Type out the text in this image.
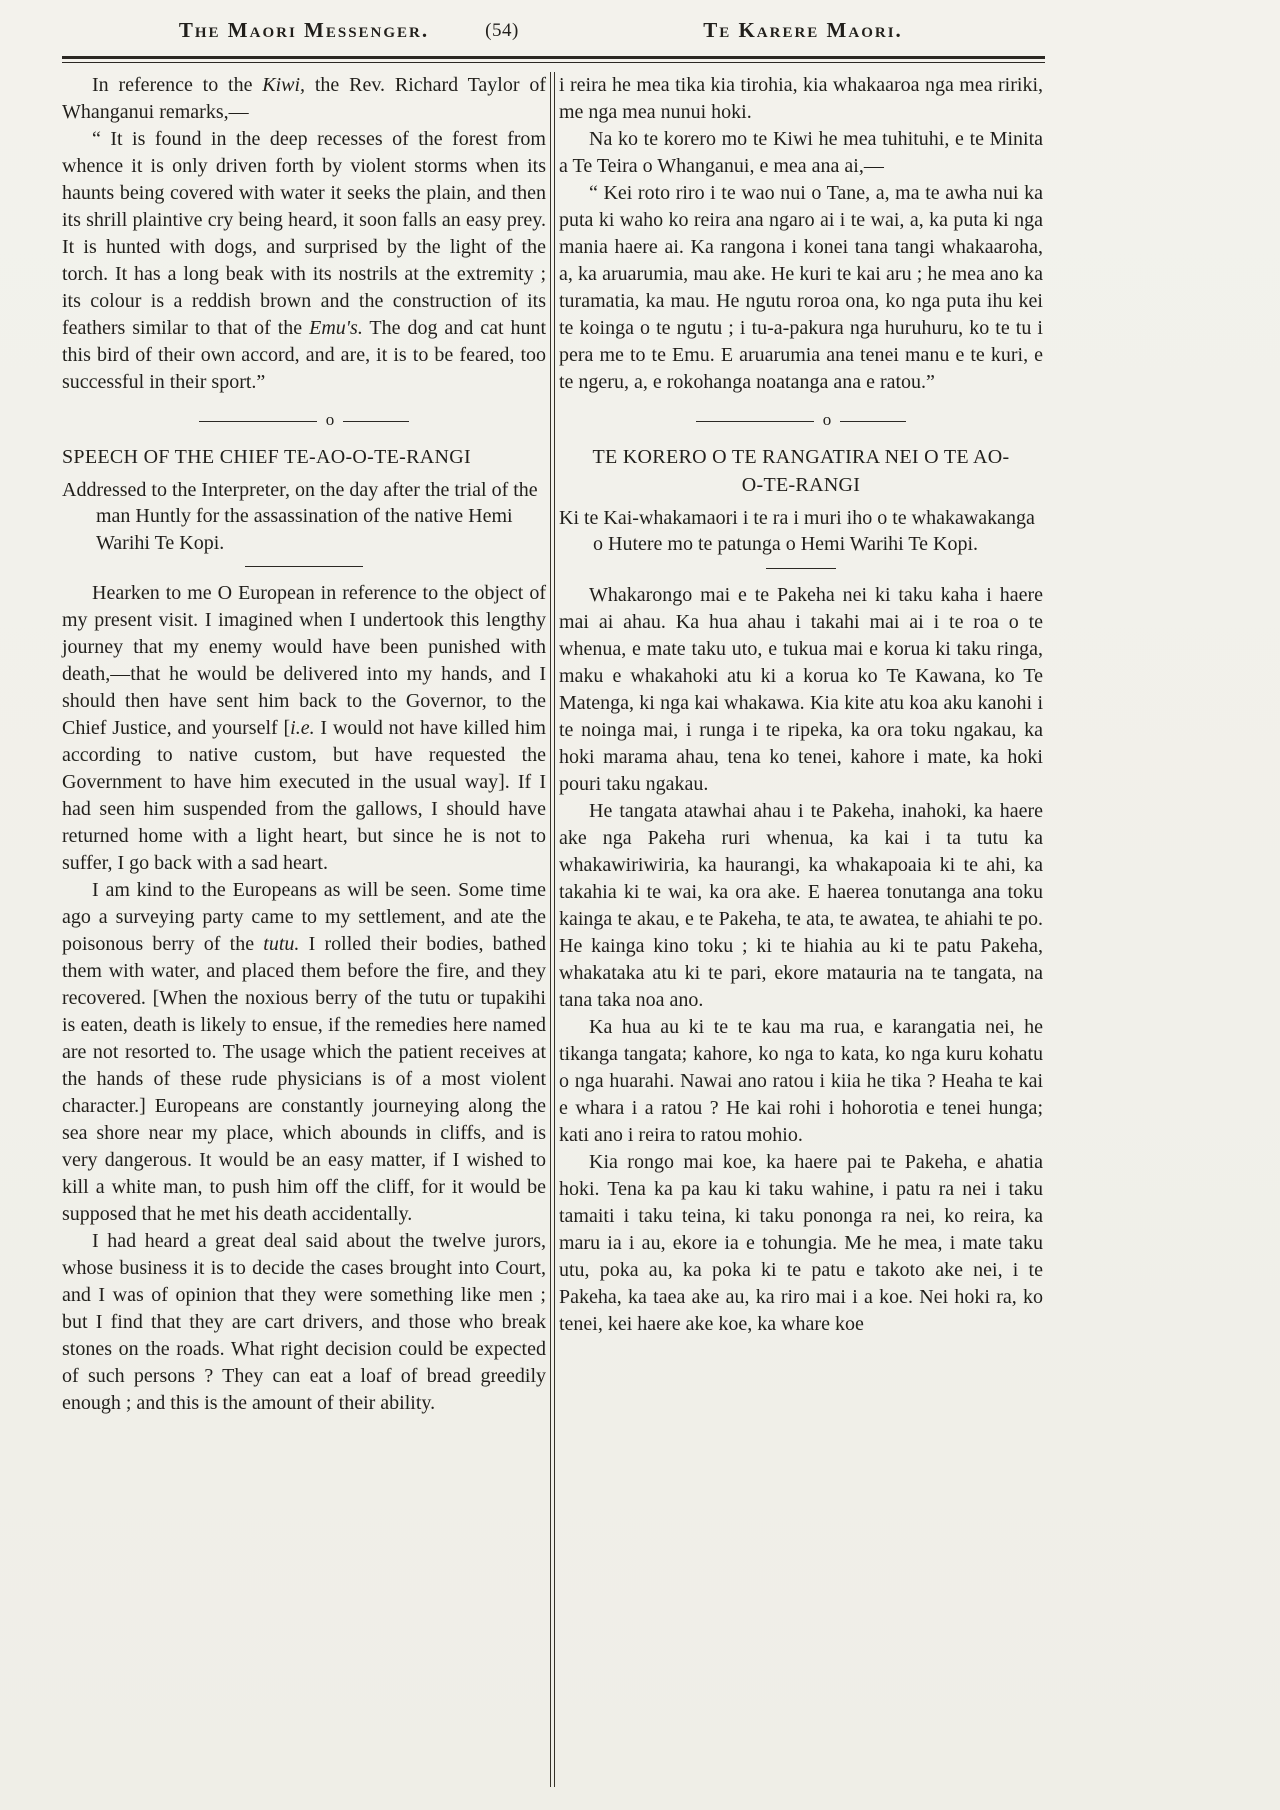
The Maori Messenger.	(54)	Te Karere Maori.

In reference to the Kiwi, the Rev. Richard Taylor of Whanganui remarks,—

“ It is found in the deep recesses of the forest from whence it is only driven forth by violent storms when its haunts being covered with water it seeks the plain, and then its shrill plaintive cry being heard, it soon falls an easy prey. It is hunted with dogs, and surprised by the light of the torch. It has a long beak with its nostrils at the extremity ; its colour is a reddish brown and the construction of its feathers similar to that of the Emu's. The dog and cat hunt this bird of their own accord, and are, it is to be feared, too successful in their sport.”

o
SPEECH OF THE CHIEF TE-AO-O-TE-RANGI

Addressed to the Interpreter, on the day after the trial of the man Huntly for the assassination of the native Hemi Warihi Te Kopi.

Hearken to me O European in reference to the object of my present visit. I imagined when I undertook this lengthy journey that my enemy would have been punished with death,—that he would be delivered into my hands, and I should then have sent him back to the Governor, to the Chief Justice, and yourself [i.e. I would not have killed him according to native custom, but have requested the Government to have him executed in the usual way]. If I had seen him suspended from the gallows, I should have returned home with a light heart, but since he is not to suffer, I go back with a sad heart.

I am kind to the Europeans as will be seen. Some time ago a surveying party came to my settlement, and ate the poisonous berry of the tutu. I rolled their bodies, bathed them with water, and placed them before the fire, and they recovered. [When the noxious berry of the tutu or tupakihi is eaten, death is likely to ensue, if the remedies here named are not resorted to. The usage which the patient receives at the hands of these rude physicians is of a most violent character.] Europeans are constantly journeying along the sea shore near my place, which abounds in cliffs, and is very dangerous. It would be an easy matter, if I wished to kill a white man, to push him off the cliff, for it would be supposed that he met his death accidentally.

I had heard a great deal said about the twelve jurors, whose business it is to decide the cases brought into Court, and I was of opinion that they were something like men ; but I find that they are cart drivers, and those who break stones on the roads. What right decision could be expected of such persons ? They can eat a loaf of bread greedily enough ; and this is the amount of their ability.

i reira he mea tika kia tirohia, kia whakaaroa nga mea ririki, me nga mea nunui hoki.

Na ko te korero mo te Kiwi he mea tuhituhi, e te Minita a Te Teira o Whanganui, e mea ana ai,—

“ Kei roto riro i te wao nui o Tane, a, ma te awha nui ka puta ki waho ko reira ana ngaro ai i te wai, a, ka puta ki nga mania haere ai. Ka rangona i konei tana tangi whakaaroha, a, ka aruarumia, mau ake. He kuri te kai aru ; he mea ano ka turamatia, ka mau. He ngutu roroa ona, ko nga puta ihu kei te koinga o te ngutu ; i tu-a-pakura nga huruhuru, ko te tu i pera me to te Emu. E aruarumia ana tenei manu e te kuri, e te ngeru, a, e rokohanga noatanga ana e ratou.”

o
TE KORERO O TE RANGATIRA NEI O TE AO-
O-TE-RANGI

Ki te Kai-whakamaori i te ra i muri iho o te whakawakanga o Hutere mo te patunga o Hemi Warihi Te Kopi.

Whakarongo mai e te Pakeha nei ki taku kaha i haere mai ai ahau. Ka hua ahau i takahi mai ai i te roa o te whenua, e mate taku uto, e tukua mai e korua ki taku ringa, maku e whakahoki atu ki a korua ko Te Kawana, ko Te Matenga, ki nga kai whakawa. Kia kite atu koa aku kanohi i te noinga mai, i runga i te ripeka, ka ora toku ngakau, ka hoki marama ahau, tena ko tenei, kahore i mate, ka hoki pouri taku ngakau.

He tangata atawhai ahau i te Pakeha, inahoki, ka haere ake nga Pakeha ruri whenua, ka kai i ta tutu ka whakawiriwiria, ka haurangi, ka whakapoaia ki te ahi, ka takahia ki te wai, ka ora ake. E haerea tonutanga ana toku kainga te akau, e te Pakeha, te ata, te awatea, te ahiahi te po. He kainga kino toku ; ki te hiahia au ki te patu Pakeha, whakataka atu ki te pari, ekore matauria na te tangata, na tana taka noa ano.

Ka hua au ki te te kau ma rua, e karangatia nei, he tikanga tangata; kahore, ko nga to kata, ko nga kuru kohatu o nga huarahi. Nawai ano ratou i kiia he tika ? Heaha te kai e whara i a ratou ? He kai rohi i hohorotia e tenei hunga; kati ano i reira to ratou mohio.

Kia rongo mai koe, ka haere pai te Pakeha, e ahatia hoki. Tena ka pa kau ki taku wahine, i patu ra nei i taku tamaiti i taku teina, ki taku pononga ra nei, ko reira, ka maru ia i au, ekore ia e tohungia. Me he mea, i mate taku utu, poka au, ka poka ki te patu e takoto ake nei, i te Pakeha, ka taea ake au, ka riro mai i a koe. Nei hoki ra, ko tenei, kei haere ake koe, ka whare koe
